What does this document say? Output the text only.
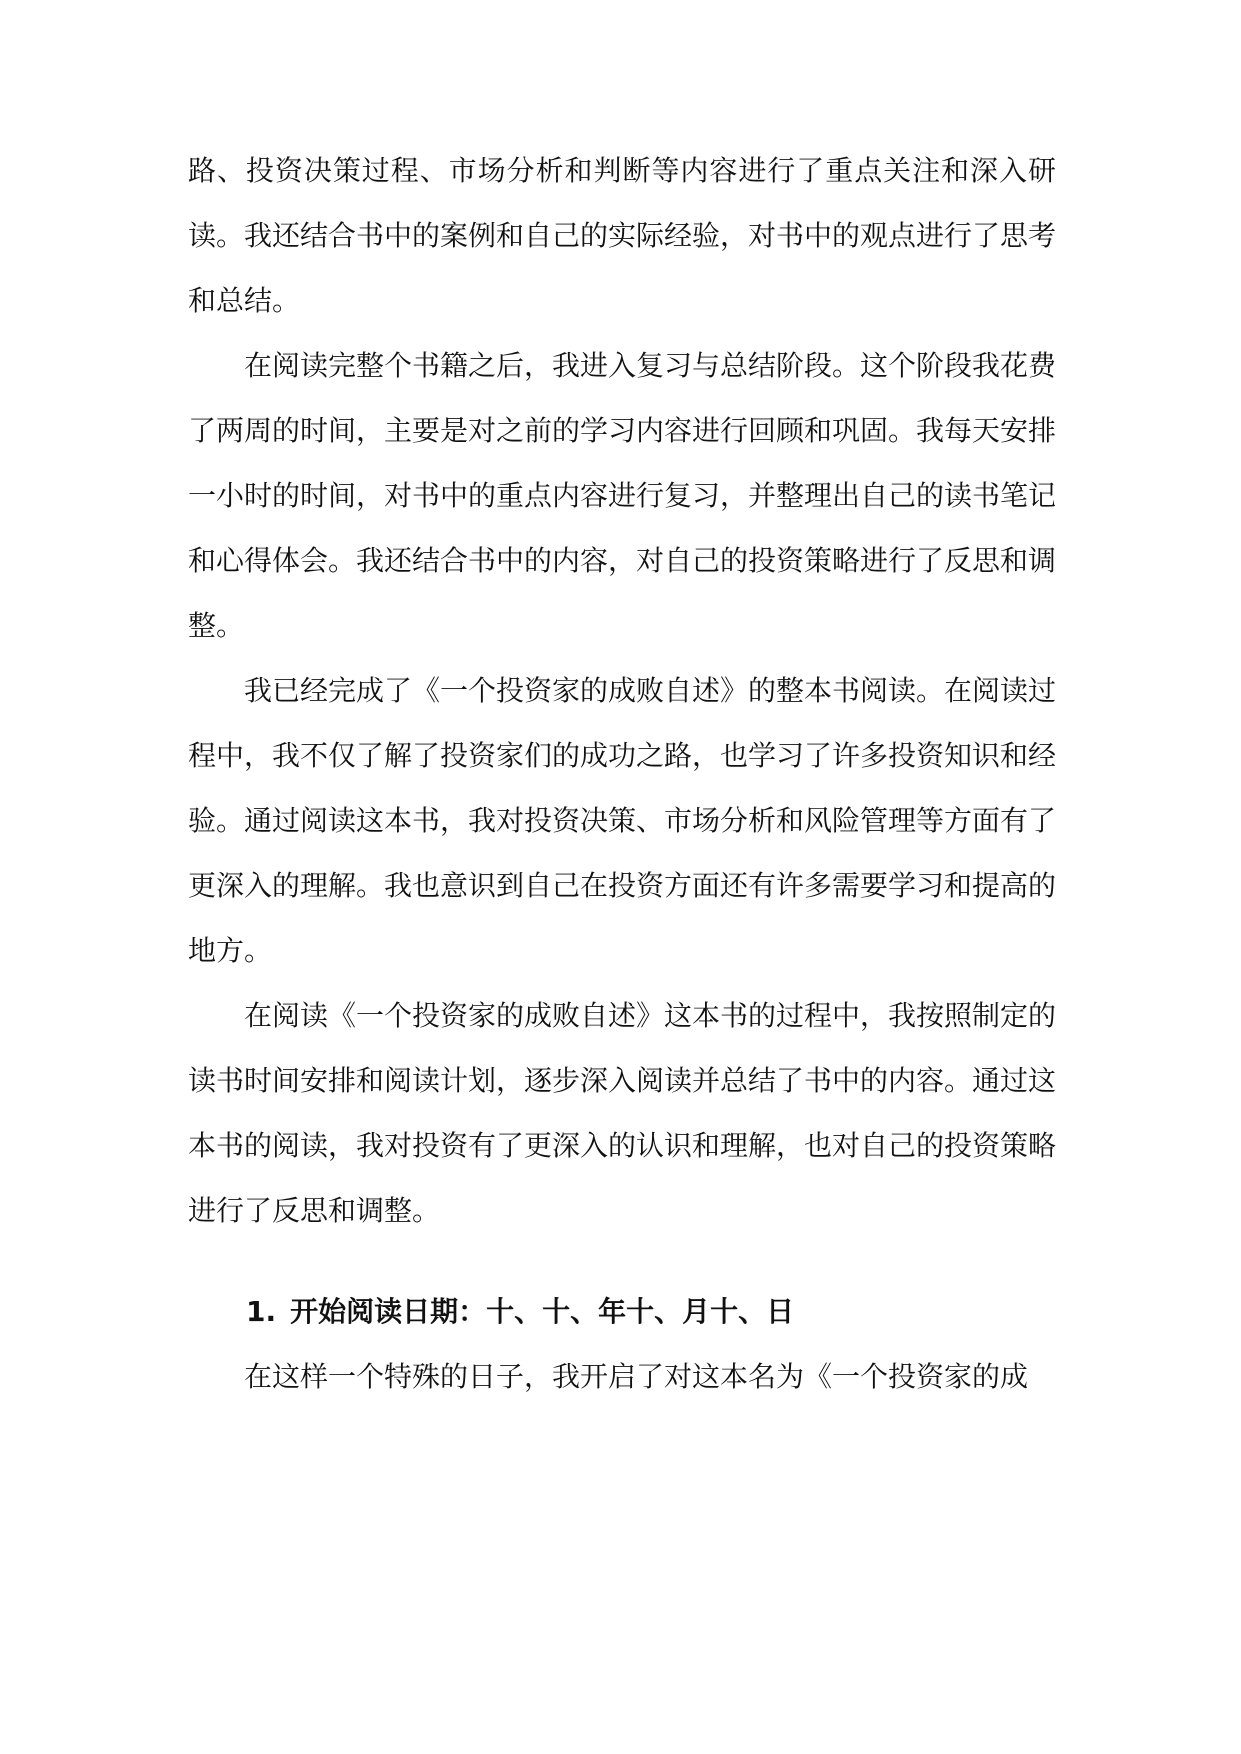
路、投资决策过程、市场分析和判断等内容进行了重点关注和深入研读。我还结合书中的案例和自己的实际经验，对书中的观点进行了思考和总结。

在阅读完整个书籍之后，我进入复习与总结阶段。这个阶段我花费了两周的时间，主要是对之前的学习内容进行回顾和巩固。我每天安排一小时的时间，对书中的重点内容进行复习，并整理出自己的读书笔记和心得体会。我还结合书中的内容，对自己的投资策略进行了反思和调整。

我已经完成了《一个投资家的成败自述》的整本书阅读。在阅读过程中，我不仅了解了投资家们的成功之路，也学习了许多投资知识和经验。通过阅读这本书，我对投资决策、市场分析和风险管理等方面有了更深入的理解。我也意识到自己在投资方面还有许多需要学习和提高的地方。

在阅读《一个投资家的成败自述》这本书的过程中，我按照制定的读书时间安排和阅读计划，逐步深入阅读并总结了书中的内容。通过这本书的阅读，我对投资有了更深入的认识和理解，也对自己的投资策略进行了反思和调整。

1. 开始阅读日期：十、十、年十、月十、日

在这样一个特殊的日子，我开启了对这本名为《一个投资家的成
